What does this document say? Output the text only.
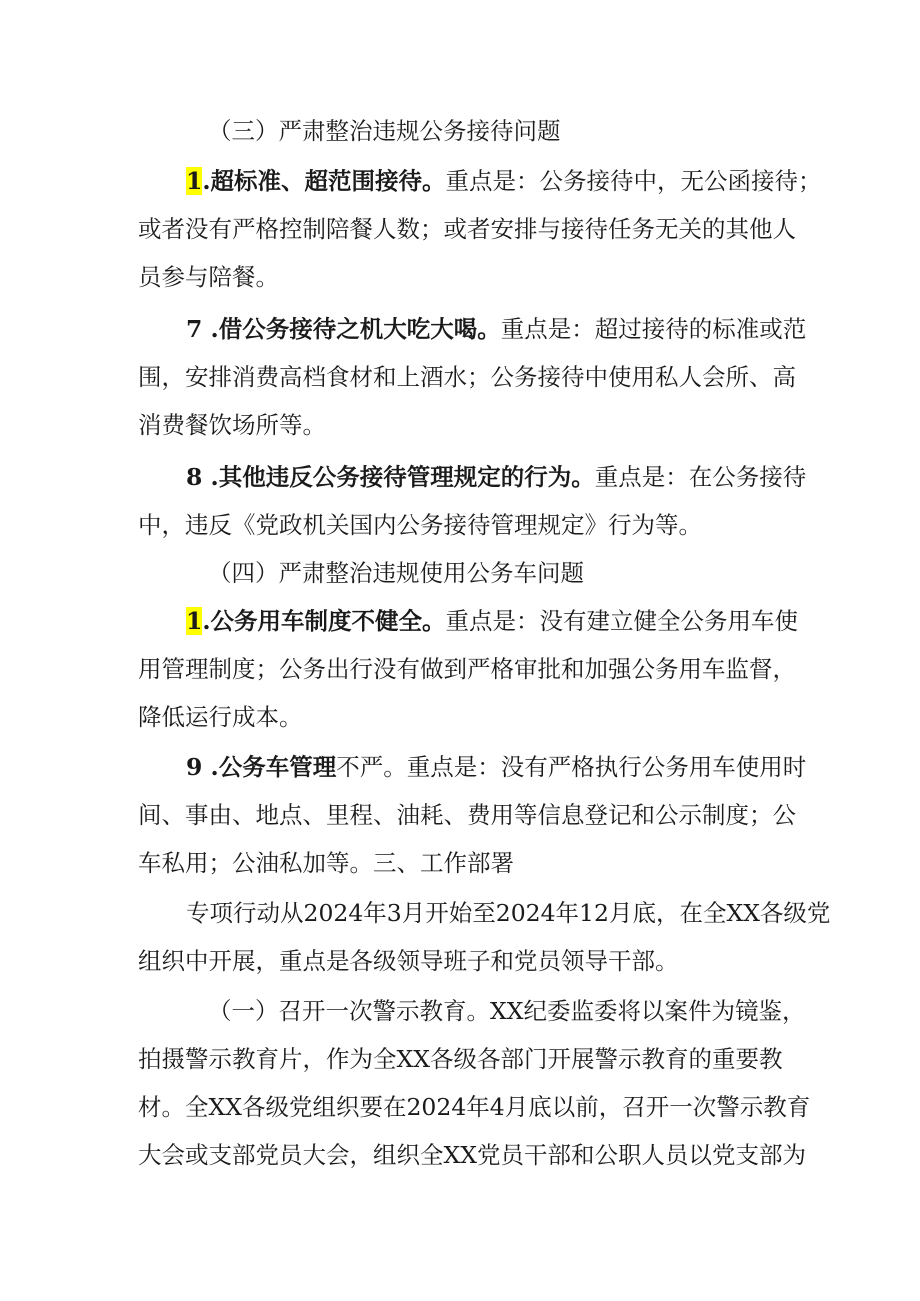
（三）严肃整治违规公务接待问题
1.超标准、超范围接待。重点是：公务接待中，无公函接待；
或者没有严格控制陪餐人数；或者安排与接待任务无关的其他人
员参与陪餐。
7 .借公务接待之机大吃大喝。重点是：超过接待的标准或范
围，安排消费高档食材和上酒水；公务接待中使用私人会所、高
消费餐饮场所等。
8 .其他违反公务接待管理规定的行为。重点是：在公务接待
中，违反《党政机关国内公务接待管理规定》行为等。
（四）严肃整治违规使用公务车问题
1.公务用车制度不健全。重点是：没有建立健全公务用车使
用管理制度；公务出行没有做到严格审批和加强公务用车监督，
降低运行成本。
9 .公务车管理不严。重点是：没有严格执行公务用车使用时
间、事由、地点、里程、油耗、费用等信息登记和公示制度；公
车私用；公油私加等。三、工作部署
专项行动从2024年3月开始至2024年12月底，在全XX各级党
组织中开展，重点是各级领导班子和党员领导干部。
（一）召开一次警示教育。XX纪委监委将以案件为镜鉴，
拍摄警示教育片，作为全XX各级各部门开展警示教育的重要教
材。全XX各级党组织要在2024年4月底以前，召开一次警示教育
大会或支部党员大会，组织全XX党员干部和公职人员以党支部为
